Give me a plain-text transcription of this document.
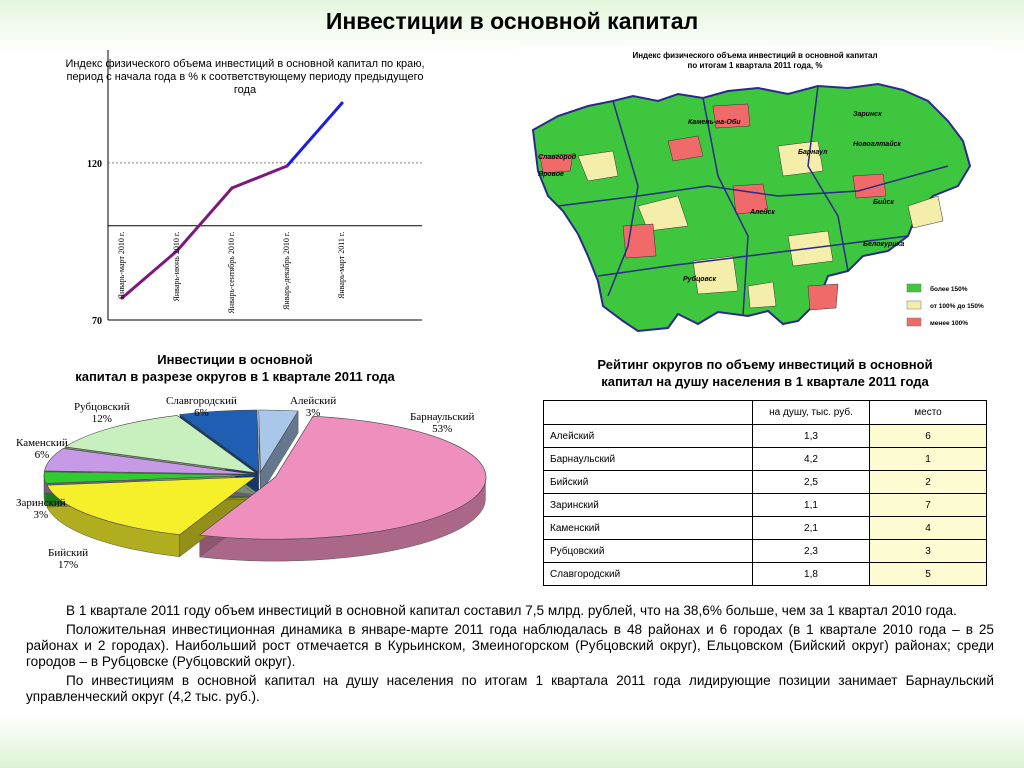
Инвестиции в основной капитал
70
120
Январь-март 2010 г.	Январь-июнь 2010 г.	Январь-сентябрь 2010 г.	Январь-декабрь 2010 г.	Январь-март 2011 г.
Индекс физического объема инвестиций в основной капитал по краю, период с начала года в % к соответствующему периоду предыдущего года
Камень-на-Оби
Новоалтайск
Заринск
Барнаул
Славгород
Яровое
Алейск
Бийск
Белокуриха
Рубцовск
более 150%
от 100% до 150%
менее 100%
Индекс физического объема инвестиций в основной капитал
по итогам 1 квартала 2011 года, %
Инвестиции в основной
капитал в разрезе округов в 1 квартале 2011 года
Барнаульский
53%
Бийский
17%
Заринский
3%
Каменский
6%
Рубцовский
12%
Славгородский
6%
Алейский
3%
Рейтинг округов по объему инвестиций в основной
капитал на душу населения в 1 квартале 2011 года
	на душу, тыс. руб.	место
Алейский	1,3	6
Барнаульский	4,2	1
Бийский	2,5	2
Заринский	1,1	7
Каменский	2,1	4
Рубцовский	2,3	3
Славгородский	1,8	5

В 1 квартале 2011 году объем инвестиций в основной капитал составил 7,5 млрд. рублей, что на 38,6% больше, чем за 1 квартал 2010 года.

Положительная инвестиционная динамика в январе-марте 2011 года наблюдалась в 48 районах и 6 городах (в 1 квартале 2010 года – в 25 районах и 2 городах). Наибольший рост отмечается в Курьинском, Змеиногорском (Рубцовский округ), Ельцовском (Бийский округ) районах; среди городов – в Рубцовске (Рубцовский округ).

По инвестициям в основной капитал на душу населения по итогам 1 квартала 2011 года лидирующие позиции занимает Барнаульский управленческий округ (4,2 тыс. руб.).
